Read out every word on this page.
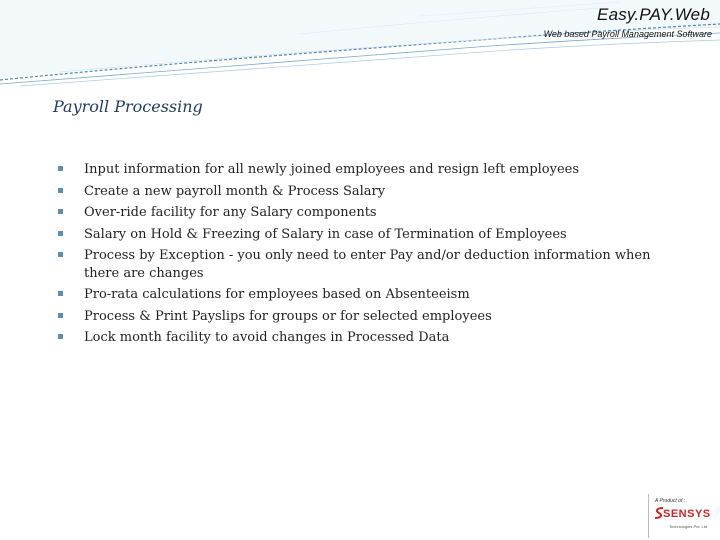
Easy.PAY.Web
Web based Payroll Management Software
Payroll Processing
Input information for all newly joined employees and resign left employees
Create a new payroll month & Process Salary
Over-ride facility for any Salary components
Salary on Hold & Freezing of Salary in case of Termination of Employees
Process by Exception - you only need to enter Pay and/or deduction information when there are changes
Pro-rata calculations for employees based on Absenteeism
Process & Print Payslips for groups or for selected employees
Lock month facility to avoid changes in Processed Data
A Product of :
SENSYS
Technologies Pvt. Ltd.
